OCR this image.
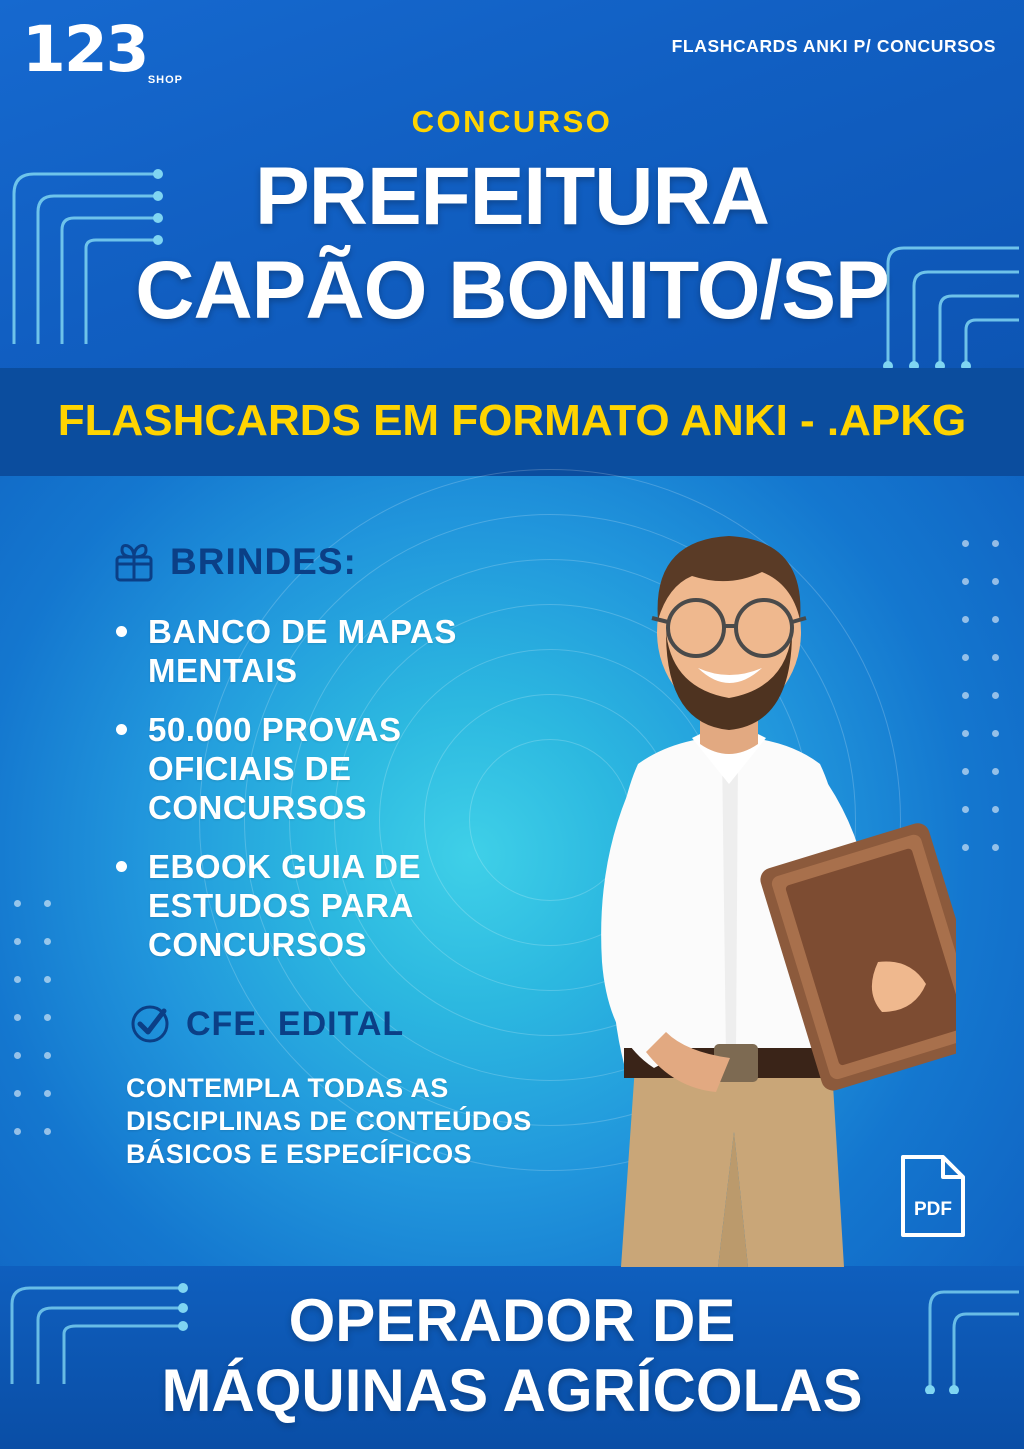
123 SHOP
FLASHCARDS ANKI P/ CONCURSOS
CONCURSO
PREFEITURA
CAPÃO BONITO/SP
FLASHCARDS EM FORMATO ANKI - .APKG
BRINDES:
BANCO DE MAPAS MENTAIS
50.000 PROVAS OFICIAIS DE CONCURSOS
EBOOK GUIA DE ESTUDOS PARA CONCURSOS
CFE. EDITAL
CONTEMPLA TODAS AS DISCIPLINAS DE CONTEÚDOS BÁSICOS E ESPECÍFICOS
PDF
OPERADOR DE
MÁQUINAS AGRÍCOLAS
